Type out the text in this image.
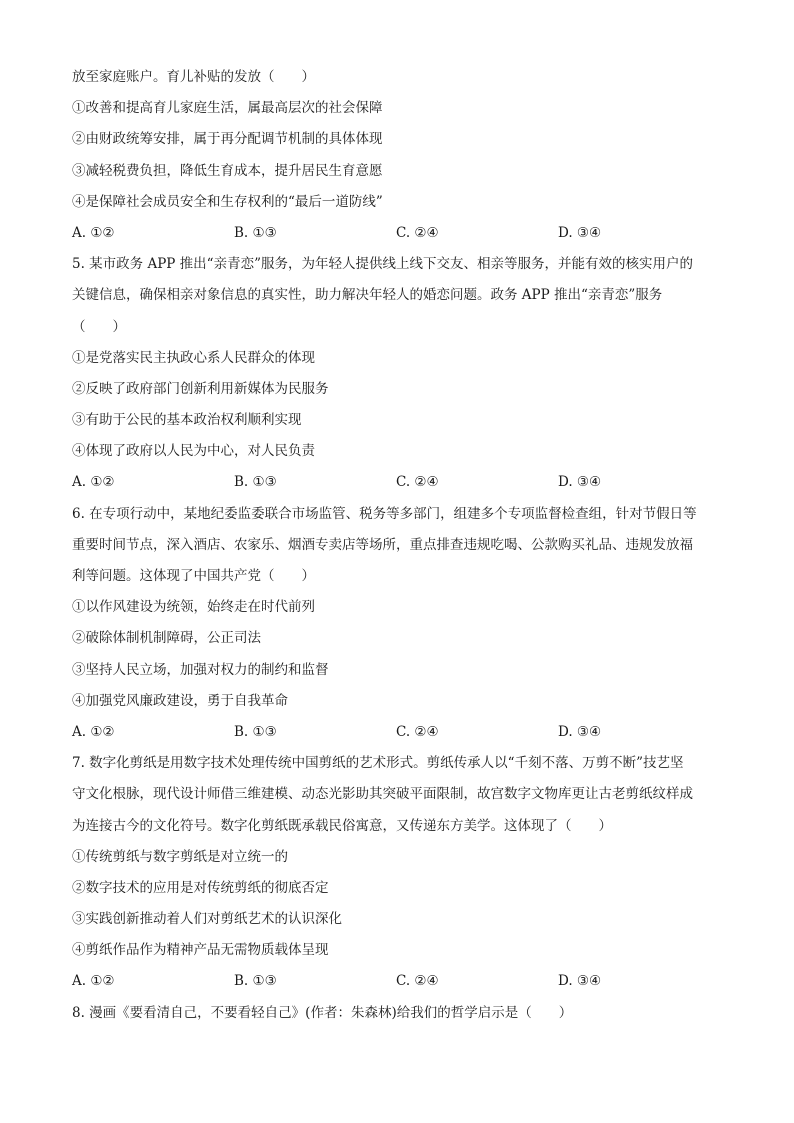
放至家庭账户。育儿补贴的发放（　　）
①改善和提高育儿家庭生活，属最高层次的社会保障
②由财政统筹安排，属于再分配调节机制的具体体现
③减轻税费负担，降低生育成本，提升居民生育意愿
④是保障社会成员安全和生存权利的“最后一道防线”
A. ①②	B. ①③	C. ②④	D. ③④
5. 某市政务 APP 推出“亲青恋”服务，为年轻人提供线上线下交友、相亲等服务，并能有效的核实用户的
关键信息，确保相亲对象信息的真实性，助力解决年轻人的婚恋问题。政务 APP 推出“亲青恋”服务
（　　）
①是党落实民主执政心系人民群众的体现
②反映了政府部门创新利用新媒体为民服务
③有助于公民的基本政治权利顺利实现
④体现了政府以人民为中心，对人民负责
A. ①②	B. ①③	C. ②④	D. ③④
6. 在专项行动中，某地纪委监委联合市场监管、税务等多部门，组建多个专项监督检查组，针对节假日等
重要时间节点，深入酒店、农家乐、烟酒专卖店等场所，重点排查违规吃喝、公款购买礼品、违规发放福
利等问题。这体现了中国共产党（　　）
①以作风建设为统领，始终走在时代前列
②破除体制机制障碍，公正司法
③坚持人民立场，加强对权力的制约和监督
④加强党风廉政建设，勇于自我革命
A. ①②	B. ①③	C. ②④	D. ③④
7. 数字化剪纸是用数字技术处理传统中国剪纸的艺术形式。剪纸传承人以“千刻不落、万剪不断”技艺坚
守文化根脉，现代设计师借三维建模、动态光影助其突破平面限制，故宫数字文物库更让古老剪纸纹样成
为连接古今的文化符号。数字化剪纸既承载民俗寓意，又传递东方美学。这体现了（　　）
①传统剪纸与数字剪纸是对立统一的
②数字技术的应用是对传统剪纸的彻底否定
③实践创新推动着人们对剪纸艺术的认识深化
④剪纸作品作为精神产品无需物质载体呈现
A. ①②	B. ①③	C. ②④	D. ③④
8. 漫画《要看清自己，不要看轻自己》(作者：朱森林)给我们的哲学启示是（　　）
